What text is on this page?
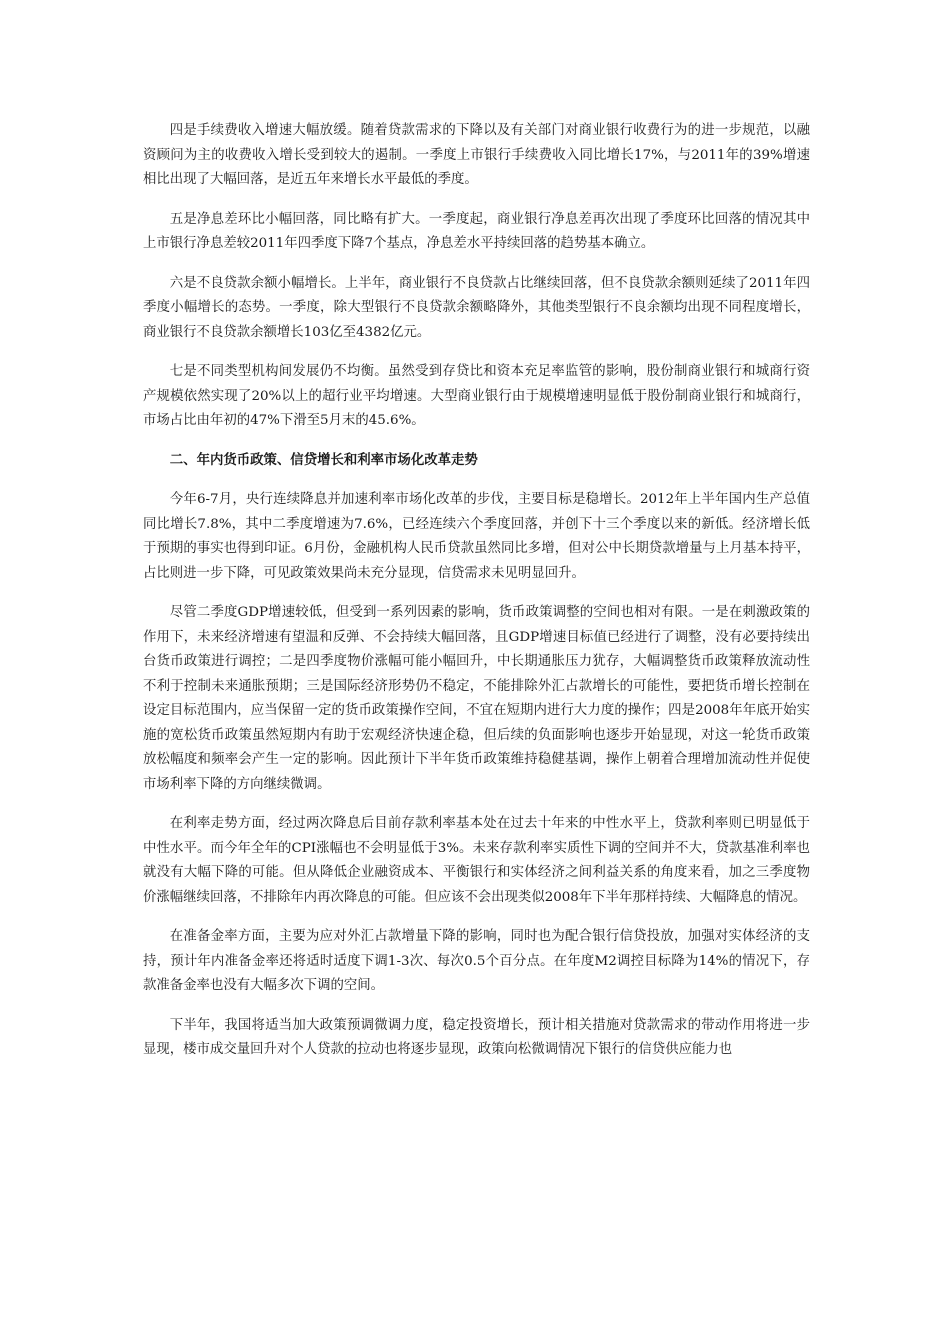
四是手续费收入增速大幅放缓。随着贷款需求的下降以及有关部门对商业银行收费行为的进一步规范，以融资顾问为主的收费收入增长受到较大的遏制。一季度上市银行手续费收入同比增长17%，与2011年的39%增速相比出现了大幅回落，是近五年来增长水平最低的季度。

五是净息差环比小幅回落，同比略有扩大。一季度起，商业银行净息差再次出现了季度环比回落的情况其中上市银行净息差较2011年四季度下降7个基点，净息差水平持续回落的趋势基本确立。

六是不良贷款余额小幅增长。上半年，商业银行不良贷款占比继续回落，但不良贷款余额则延续了2011年四季度小幅增长的态势。一季度，除大型银行不良贷款余额略降外，其他类型银行不良余额均出现不同程度增长，商业银行不良贷款余额增长103亿至4382亿元。

七是不同类型机构间发展仍不均衡。虽然受到存贷比和资本充足率监管的影响，股份制商业银行和城商行资产规模依然实现了20%以上的超行业平均增速。大型商业银行由于规模增速明显低于股份制商业银行和城商行，市场占比由年初的47%下滑至5月末的45.6%。

二、年内货币政策、信贷增长和利率市场化改革走势

今年6-7月，央行连续降息并加速利率市场化改革的步伐，主要目标是稳增长。2012年上半年国内生产总值同比增长7.8%，其中二季度增速为7.6%，已经连续六个季度回落，并创下十三个季度以来的新低。经济增长低于预期的事实也得到印证。6月份，金融机构人民币贷款虽然同比多增，但对公中长期贷款增量与上月基本持平，占比则进一步下降，可见政策效果尚未充分显现，信贷需求未见明显回升。

尽管二季度GDP增速较低，但受到一系列因素的影响，货币政策调整的空间也相对有限。一是在刺激政策的作用下，未来经济增速有望温和反弹、不会持续大幅回落，且GDP增速目标值已经进行了调整，没有必要持续出台货币政策进行调控；二是四季度物价涨幅可能小幅回升，中长期通胀压力犹存，大幅调整货币政策释放流动性不利于控制未来通胀预期；三是国际经济形势仍不稳定，不能排除外汇占款增长的可能性，要把货币增长控制在设定目标范围内，应当保留一定的货币政策操作空间，不宜在短期内进行大力度的操作；四是2008年年底开始实施的宽松货币政策虽然短期内有助于宏观经济快速企稳，但后续的负面影响也逐步开始显现，对这一轮货币政策放松幅度和频率会产生一定的影响。因此预计下半年货币政策维持稳健基调，操作上朝着合理增加流动性并促使市场利率下降的方向继续微调。

在利率走势方面，经过两次降息后目前存款利率基本处在过去十年来的中性水平上，贷款利率则已明显低于中性水平。而今年全年的CPI涨幅也不会明显低于3%。未来存款利率实质性下调的空间并不大，贷款基准利率也就没有大幅下降的可能。但从降低企业融资成本、平衡银行和实体经济之间利益关系的角度来看，加之三季度物价涨幅继续回落，不排除年内再次降息的可能。但应该不会出现类似2008年下半年那样持续、大幅降息的情况。

在准备金率方面，主要为应对外汇占款增量下降的影响，同时也为配合银行信贷投放，加强对实体经济的支持，预计年内准备金率还将适时适度下调1-3次、每次0.5个百分点。在年度M2调控目标降为14%的情况下，存款准备金率也没有大幅多次下调的空间。

下半年，我国将适当加大政策预调微调力度，稳定投资增长，预计相关措施对贷款需求的带动作用将进一步显现，楼市成交量回升对个人贷款的拉动也将逐步显现，政策向松微调情况下银行的信贷供应能力也
